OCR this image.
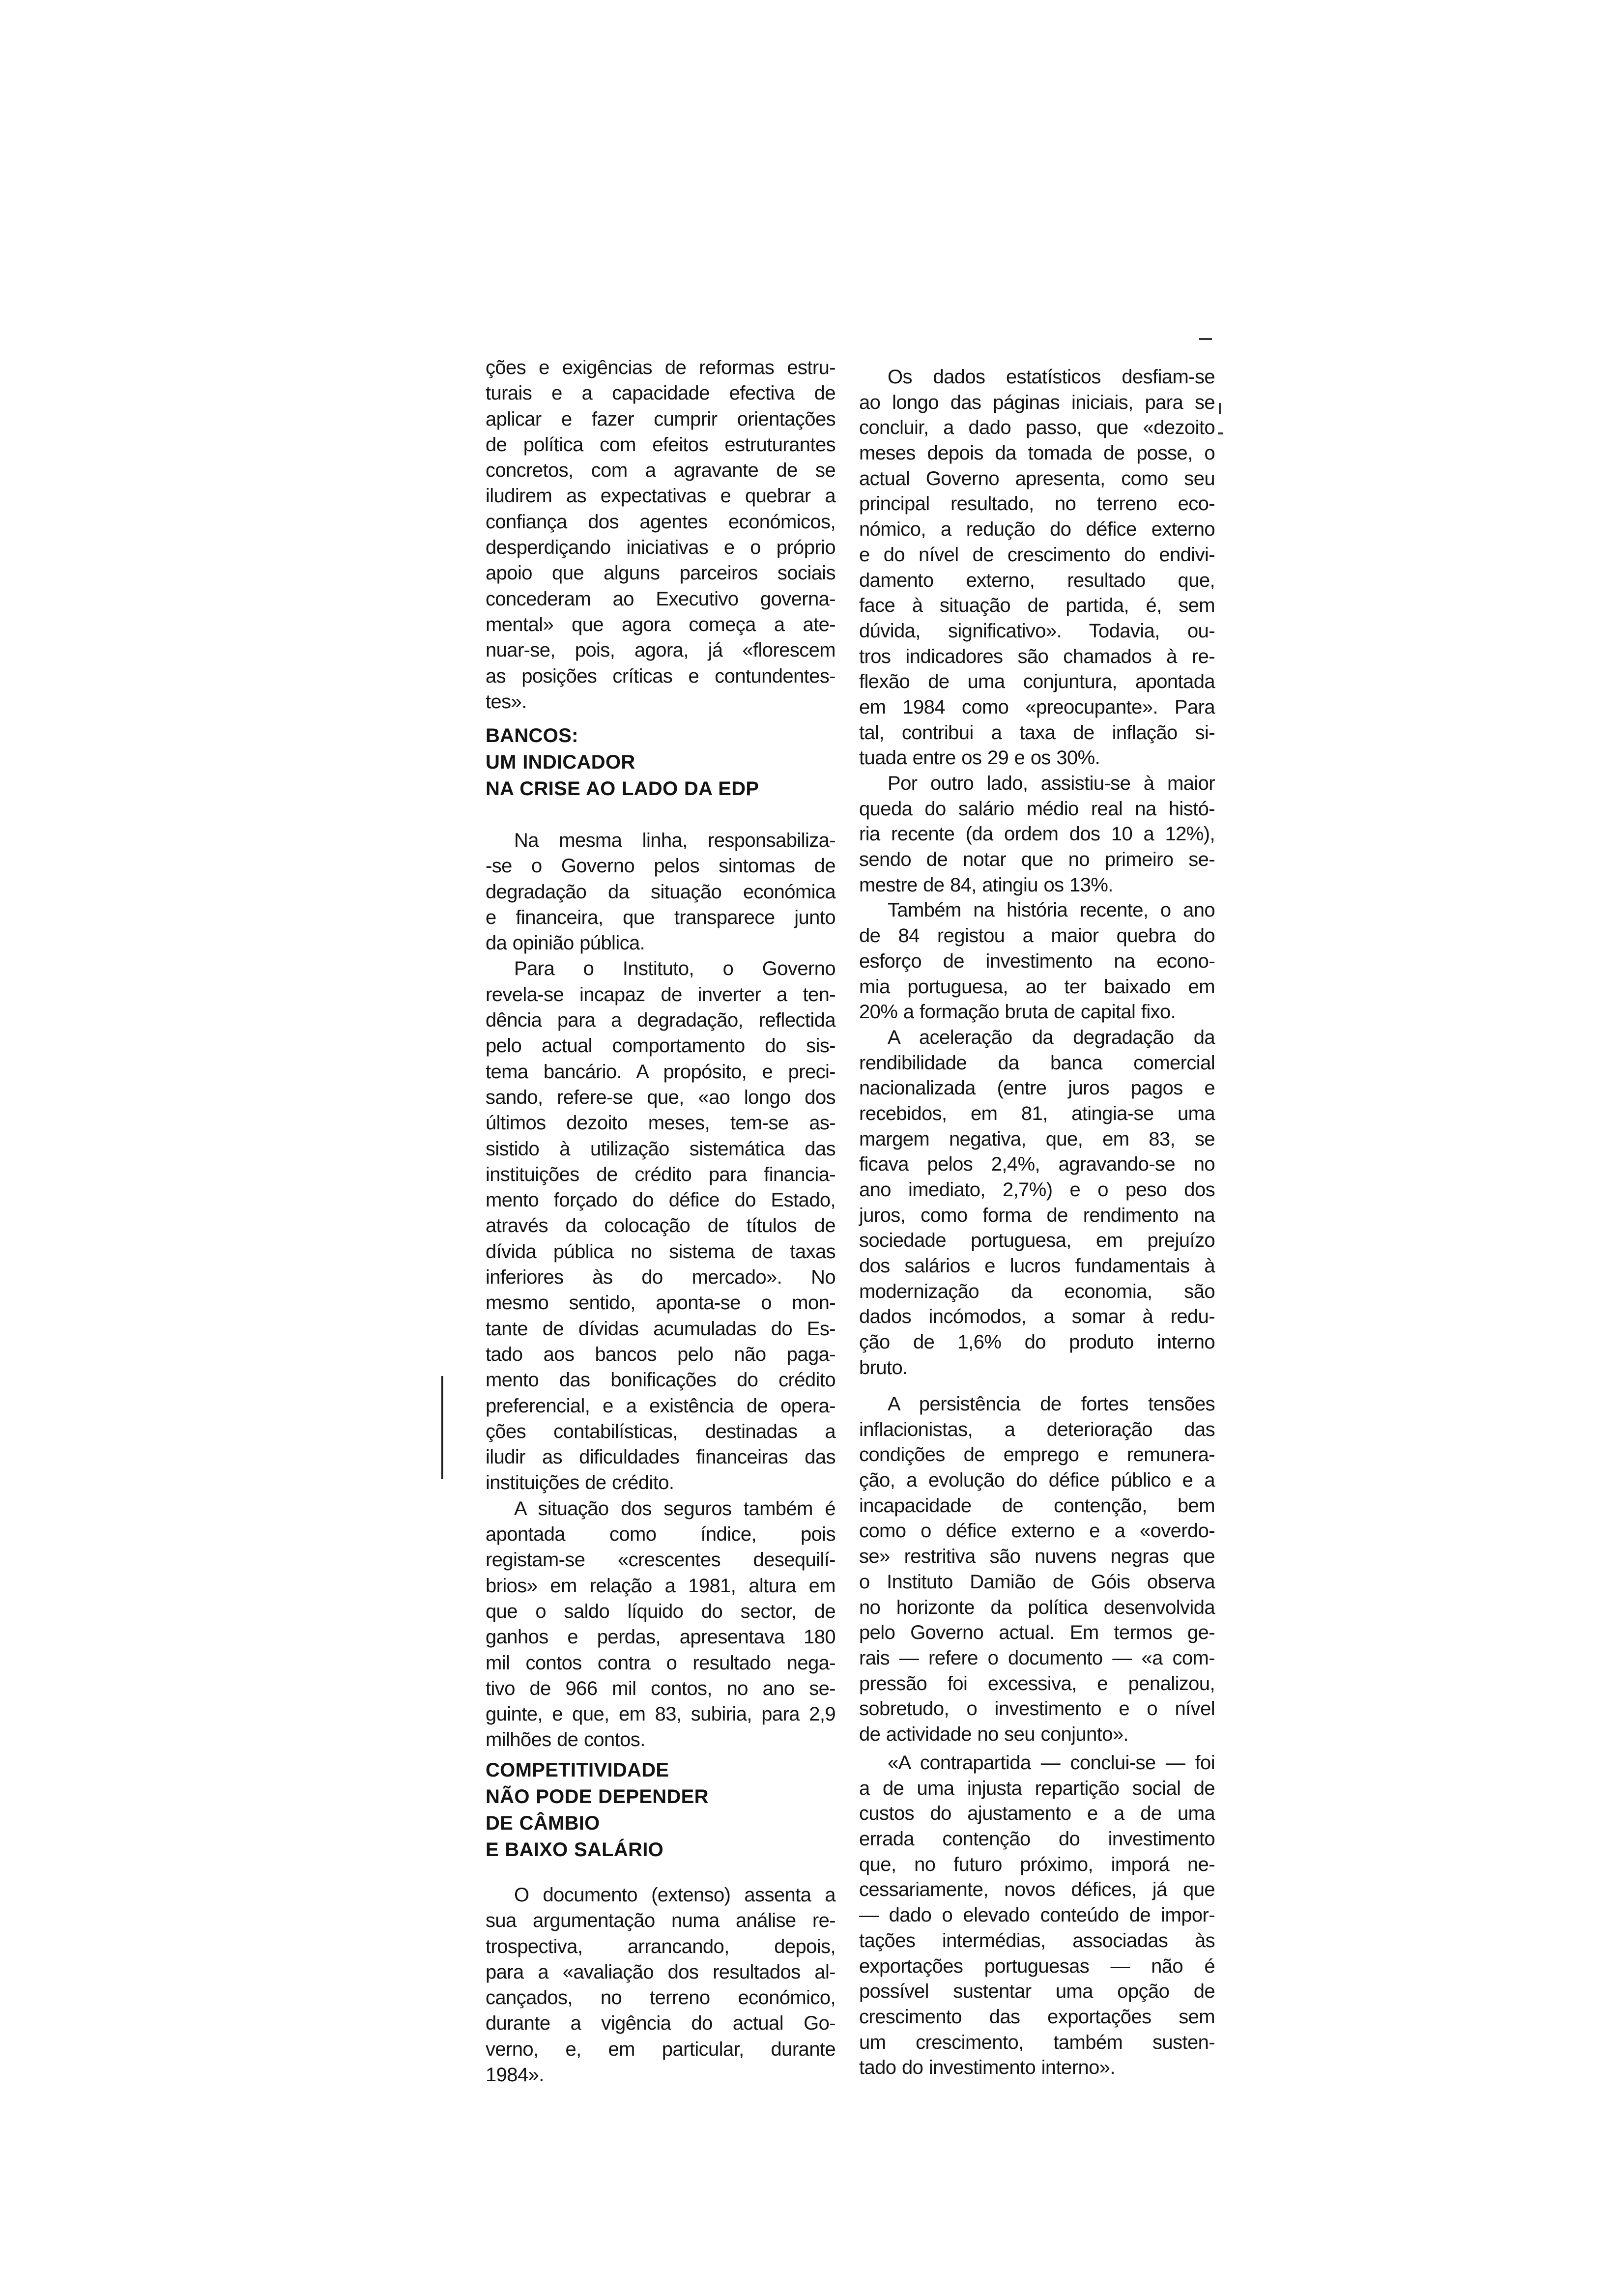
ções e exigências de reformas estru-
turais e a capacidade efectiva de
aplicar e fazer cumprir orientações
de política com efeitos estruturantes
concretos, com a agravante de se
iludirem as expectativas e quebrar a
confiança dos agentes económicos,
desperdiçando iniciativas e o próprio
apoio que alguns parceiros sociais
concederam ao Executivo governa-
mental» que agora começa a ate-
nuar-se, pois, agora, já «florescem
as posições críticas e contundentes-
tes».
BANCOS:
UM INDICADOR
NA CRISE AO LADO DA EDP
Na mesma linha, responsabiliza-
-se o Governo pelos sintomas de
degradação da situação económica
e financeira, que transparece junto
da opinião pública.
Para o Instituto, o Governo
revela-se incapaz de inverter a ten-
dência para a degradação, reflectida
pelo actual comportamento do sis-
tema bancário. A propósito, e preci-
sando, refere-se que, «ao longo dos
últimos dezoito meses, tem-se as-
sistido à utilização sistemática das
instituições de crédito para financia-
mento forçado do défice do Estado,
através da colocação de títulos de
dívida pública no sistema de taxas
inferiores às do mercado». No
mesmo sentido, aponta-se o mon-
tante de dívidas acumuladas do Es-
tado aos bancos pelo não paga-
mento das bonificações do crédito
preferencial, e a existência de opera-
ções contabilísticas, destinadas a
iludir as dificuldades financeiras das
instituições de crédito.
A situação dos seguros também é
apontada como índice, pois
registam-se «crescentes desequilí-
brios» em relação a 1981, altura em
que o saldo líquido do sector, de
ganhos e perdas, apresentava 180
mil contos contra o resultado nega-
tivo de 966 mil contos, no ano se-
guinte, e que, em 83, subiria, para 2,9
milhões de contos.
COMPETITIVIDADE
NÃO PODE DEPENDER
DE CÂMBIO
E BAIXO SALÁRIO
O documento (extenso) assenta a
sua argumentação numa análise re-
trospectiva, arrancando, depois,
para a «avaliação dos resultados al-
cançados, no terreno económico,
durante a vigência do actual Go-
verno, e, em particular, durante
1984».
Os dados estatísticos desfiam-se
ao longo das páginas iniciais, para se
concluir, a dado passo, que «dezoito
meses depois da tomada de posse, o
actual Governo apresenta, como seu
principal resultado, no terreno eco-
nómico, a redução do défice externo
e do nível de crescimento do endivi-
damento externo, resultado que,
face à situação de partida, é, sem
dúvida, significativo». Todavia, ou-
tros indicadores são chamados à re-
flexão de uma conjuntura, apontada
em 1984 como «preocupante». Para
tal, contribui a taxa de inflação si-
tuada entre os 29 e os 30%.
Por outro lado, assistiu-se à maior
queda do salário médio real na histó-
ria recente (da ordem dos 10 a 12%),
sendo de notar que no primeiro se-
mestre de 84, atingiu os 13%.
Também na história recente, o ano
de 84 registou a maior quebra do
esforço de investimento na econo-
mia portuguesa, ao ter baixado em
20% a formação bruta de capital fixo.
A aceleração da degradação da
rendibilidade da banca comercial
nacionalizada (entre juros pagos e
recebidos, em 81, atingia-se uma
margem negativa, que, em 83, se
ficava pelos 2,4%, agravando-se no
ano imediato, 2,7%) e o peso dos
juros, como forma de rendimento na
sociedade portuguesa, em prejuízo
dos salários e lucros fundamentais à
modernização da economia, são
dados incómodos, a somar à redu-
ção de 1,6% do produto interno
bruto.
A persistência de fortes tensões
inflacionistas, a deterioração das
condições de emprego e remunera-
ção, a evolução do défice público e a
incapacidade de contenção, bem
como o défice externo e a «overdo-
se» restritiva são nuvens negras que
o Instituto Damião de Góis observa
no horizonte da política desenvolvida
pelo Governo actual. Em termos ge-
rais — refere o documento — «a com-
pressão foi excessiva, e penalizou,
sobretudo, o investimento e o nível
de actividade no seu conjunto».
«A contrapartida — conclui-se — foi
a de uma injusta repartição social de
custos do ajustamento e a de uma
errada contenção do investimento
que, no futuro próximo, imporá ne-
cessariamente, novos défices, já que
— dado o elevado conteúdo de impor-
tações intermédias, associadas às
exportações portuguesas — não é
possível sustentar uma opção de
crescimento das exportações sem
um crescimento, também susten-
tado do investimento interno».
